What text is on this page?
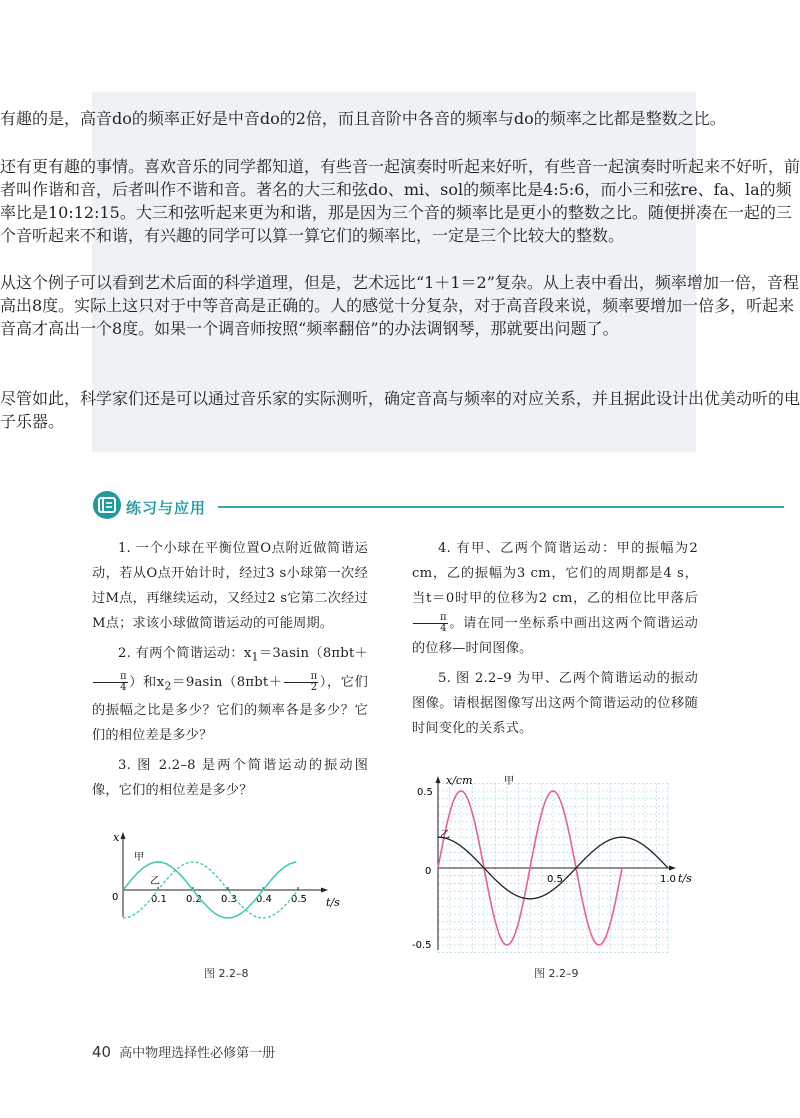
有趣的是，高音do的频率正好是中音do的2倍，而且音阶中各音的频率与do的频率之比都是整数之比。

还有更有趣的事情。喜欢音乐的同学都知道，有些音一起演奏时听起来好听，有些音一起演奏时听起来不好听，前者叫作谐和音，后者叫作不谐和音。著名的大三和弦do、mi、sol的频率比是4:5:6，而小三和弦re、fa、la的频率比是10:12:15。大三和弦听起来更为和谐，那是因为三个音的频率比是更小的整数之比。随便拼凑在一起的三个音听起来不和谐，有兴趣的同学可以算一算它们的频率比，一定是三个比较大的整数。

从这个例子可以看到艺术后面的科学道理，但是，艺术远比“1＋1＝2”复杂。从上表中看出，频率增加一倍，音程高出8度。实际上这只对于中等音高是正确的。人的感觉十分复杂，对于高音段来说，频率要增加一倍多，听起来音高才高出一个8度。如果一个调音师按照“频率翻倍”的办法调钢琴，那就要出问题了。

尽管如此，科学家们还是可以通过音乐家的实际测听，确定音高与频率的对应关系，并且据此设计出优美动听的电子乐器。

练习与应用

1. 一个小球在平衡位置O点附近做简谐运动，若从O点开始计时，经过3 s小球第一次经过M点，再继续运动，又经过2 s它第二次经过M点；求该小球做简谐运动的可能周期。

2. 有两个简谐运动：$x_1=3asin(8\pi bt+$
$\frac{\pi}{4}$ ）和$x_2=9asin(8\pi bt+ \frac{\pi}{2}$ ），它们的振幅之比是多少？它们的频率各是多少？它们的相位差是多少？

3. 图 2.2–8 是两个简谐运动的振动图像，它们的相位差是多少？

4. 有甲、乙两个简谐运动：甲的振幅为2 cm，乙的振幅为3 cm，它们的周期都是4 s，当t＝0时甲的位移为2 cm，乙的相位比甲落后
$\frac{\pi}{4}$ 。请在同一坐标系中画出这两个简谐运动的位移—时间图像。

5. 图 2.2–9 为甲、乙两个简谐运动的振动图像。请根据图像写出这两个简谐运动的位移随时间变化的关系式。

x
0	t/s
0.1 0.2 0.3 0.4 0.5
甲
乙
图 2.2–8
x/cm	甲
0.5
-0.5
0
0.5	1.0 t/s
乙
图 2.2–9
40 高中物理选择性必修第一册
